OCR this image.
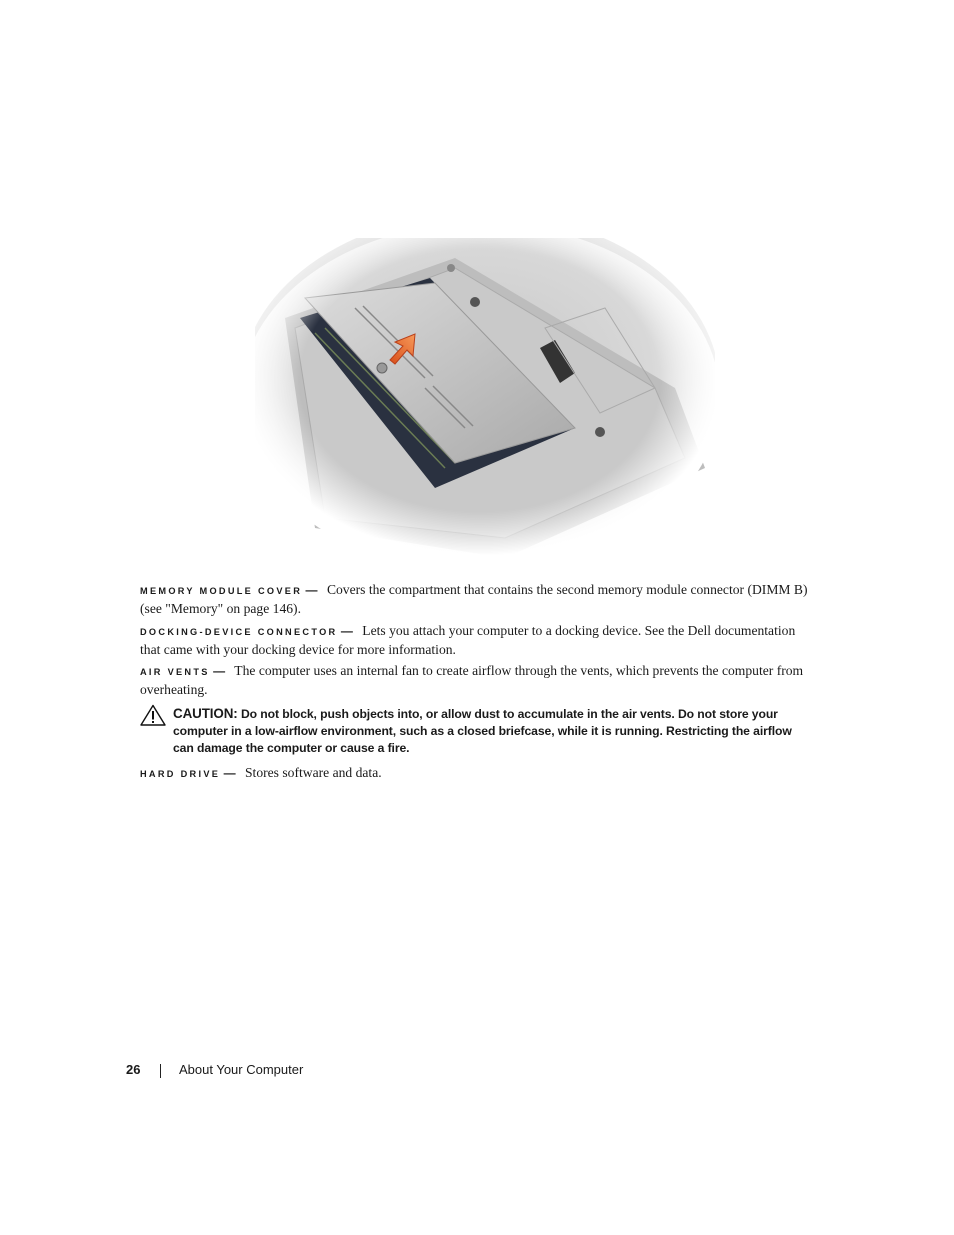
MEMORY MODULE COVER — Covers the compartment that contains the second memory module connector (DIMM B) (see "Memory" on page 146).
DOCKING-DEVICE CONNECTOR — Lets you attach your computer to a docking device. See the Dell documentation that came with your docking device for more information.
AIR VENTS — The computer uses an internal fan to create airflow through the vents, which prevents the computer from overheating.
CAUTION: Do not block, push objects into, or allow dust to accumulate in the air vents. Do not store your computer in a low-airflow environment, such as a closed briefcase, while it is running. Restricting the airflow can damage the computer or cause a fire.
HARD DRIVE — Stores software and data.
26	About Your Computer
